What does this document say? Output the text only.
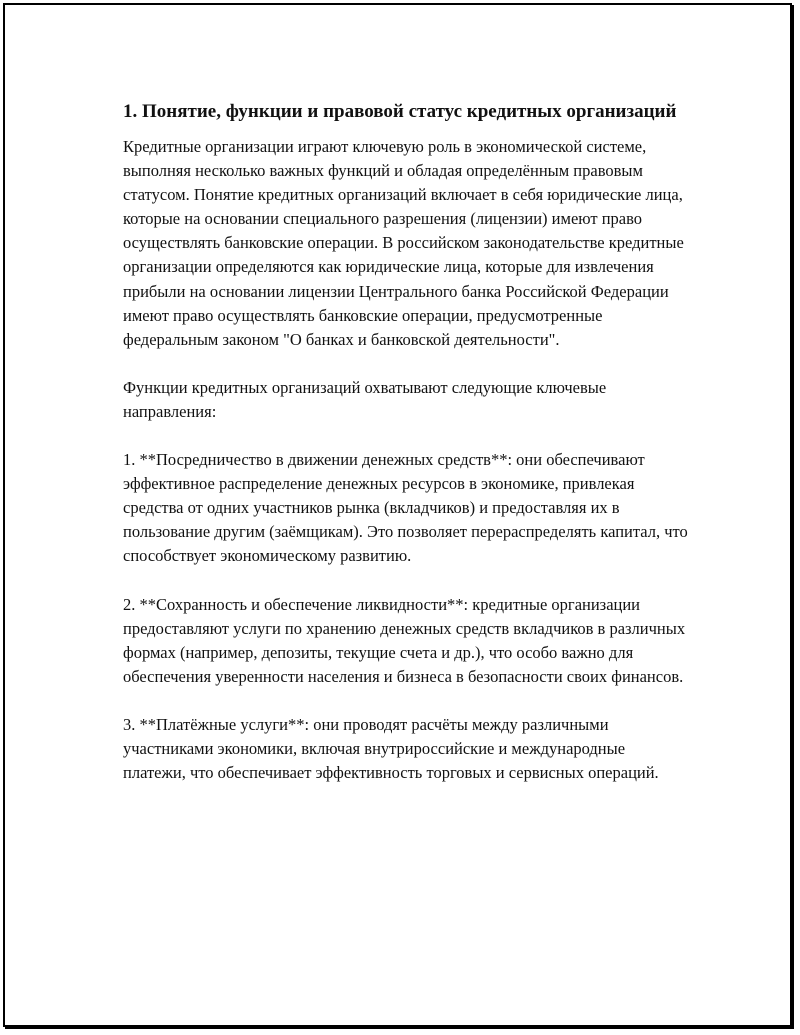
1. Понятие, функции и правовой статус кредитных организаций

Кредитные организации играют ключевую роль в экономической системе, выполняя несколько важных функций и обладая определённым правовым статусом. Понятие кредитных организаций включает в себя юридические лица, которые на основании специального разрешения (лицензии) имеют право осуществлять банковские операции. В российском законодательстве кредитные организации определяются как юридические лица, которые для извлечения прибыли на основании лицензии Центрального банка Российской Федерации имеют право осуществлять банковские операции, предусмотренные федеральным законом "О банках и банковской деятельности".

Функции кредитных организаций охватывают следующие ключевые направления:

1. **Посредничество в движении денежных средств**: они обеспечивают эффективное распределение денежных ресурсов в экономике, привлекая средства от одних участников рынка (вкладчиков) и предоставляя их в пользование другим (заёмщикам). Это позволяет перераспределять капитал, что способствует экономическому развитию.

2. **Сохранность и обеспечение ликвидности**: кредитные организации предоставляют услуги по хранению денежных средств вкладчиков в различных формах (например, депозиты, текущие счета и др.), что особо важно для обеспечения уверенности населения и бизнеса в безопасности своих финансов.

3. **Платёжные услуги**: они проводят расчёты между различными участниками экономики, включая внутрироссийские и международные платежи, что обеспечивает эффективность торговых и сервисных операций.
